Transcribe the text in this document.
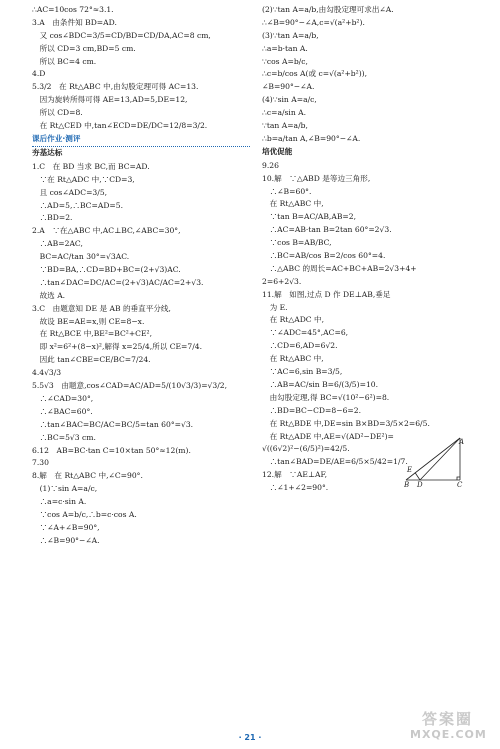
∴AC=10cos 72°≈3.1.
3.A　由条件知 BD=AD.
　又 cos∠BDC=3/5=CD/BD=CD/DA,AC=8 cm,
　所以 CD=3 cm,BD=5 cm.
　所以 BC=4 cm.
4.D
5.3/2　在 Rt△ABC 中,由勾股定理可得 AC=13.
　因为旋转所得可得 AE=13,AD=5,DE=12,
　所以 CD=8.
　在 Rt△CED 中,tan∠ECD=DE/DC=12/8=3/2.
课后作业·测评
夯基达标
1.C　在 BD 当求 BC,而 BC=AD.
　∵在 Rt△ADC 中,∵CD=3,
　且 cos∠ADC=3/5,
　∴AD=5,∴BC=AD=5.
　∴BD=2.
2.A　∵在△ABC 中,AC⊥BC,∠ABC=30°,
　∴AB=2AC,
　BC=AC/tan 30°=√3AC.
　∵BD=BA,∴CD=BD+BC=(2+√3)AC.
　∴tan∠DAC=DC/AC=(2+√3)AC/AC=2+√3.
　故选 A.
3.C　由题意知 DE 是 AB 的垂直平分线,
　故设 BE=AE=x,则 CE=8−x.
　在 Rt△BCE 中,BE²=BC²+CE²,
　即 x²=6²+(8−x)²,解得 x=25/4,所以 CE=7/4.
　因此 tan∠CBE=CE/BC=7/24.
4.4√3/3
5.5√3　由题意,cos∠CAD=AC/AD=5/(10√3/3)=√3/2,
　∴∠CAD=30°,
　∴∠BAC=60°.
　∴tan∠BAC=BC/AC=BC/5=tan 60°=√3.
　∴BC=5√3 cm.
6.12　AB=BC·tan C=10×tan 50°≈12(m).
7.30
8.解　在 Rt△ABC 中,∠C=90°.
　(1)∵sin A=a/c,
　∴a=c·sin A.
　∵cos A=b/c,∴b=c·cos A.
　∵∠A+∠B=90°,
　∴∠B=90°−∠A.
(2)∵tan A=a/b,由勾股定理可求出∠A.
∴∠B=90°−∠A,c=√(a²+b²).
(3)∵tan A=a/b,
∴a=b·tan A.
∵cos A=b/c,
∴c=b/cos A(或 c=√(a²+b²)),
∠B=90°−∠A.
(4)∵sin A=a/c,
∴c=a/sin A.
∵tan A=a/b,
∴b=a/tan A,∠B=90°−∠A.
培优促能
9.26
10.解　∵△ABD 是等边三角形,
　∴∠B=60°.
　在 Rt△ABC 中,
　∵tan B=AC/AB,AB=2,
　∴AC=AB·tan B=2tan 60°=2√3.
　∵cos B=AB/BC,
　∴BC=AB/cos B=2/cos 60°=4.
　∴△ABC 的周长=AC+BC+AB=2√3+4+
2=6+2√3.
11.解　如图,过点 D 作 DE⊥AB,垂足
　为 E.
　在 Rt△ADC 中,
　∵∠ADC=45°,AC=6,
　∴CD=6,AD=6√2.
　在 Rt△ABC 中,
　∵AC=6,sin B=3/5,
　∴AB=AC/sin B=6/(3/5)=10.
　由勾股定理,得 BC=√(10²−6²)=8.
　∴BD=BC−CD=8−6=2.
　在 Rt△BDE 中,DE=sin B×BD=3/5×2=6/5.
　在 Rt△ADE 中,AE=√(AD²−DE²)=
√((6√2)²−(6/5)²)=42/5.
　∴tan∠BAD=DE/AE=6/5×5/42=1/7.
12.解　∵AE⊥AF,
　∴∠1+∠2=90°.
A
B D	C
E
· 21 ·
答案圈
MXQE.COM
